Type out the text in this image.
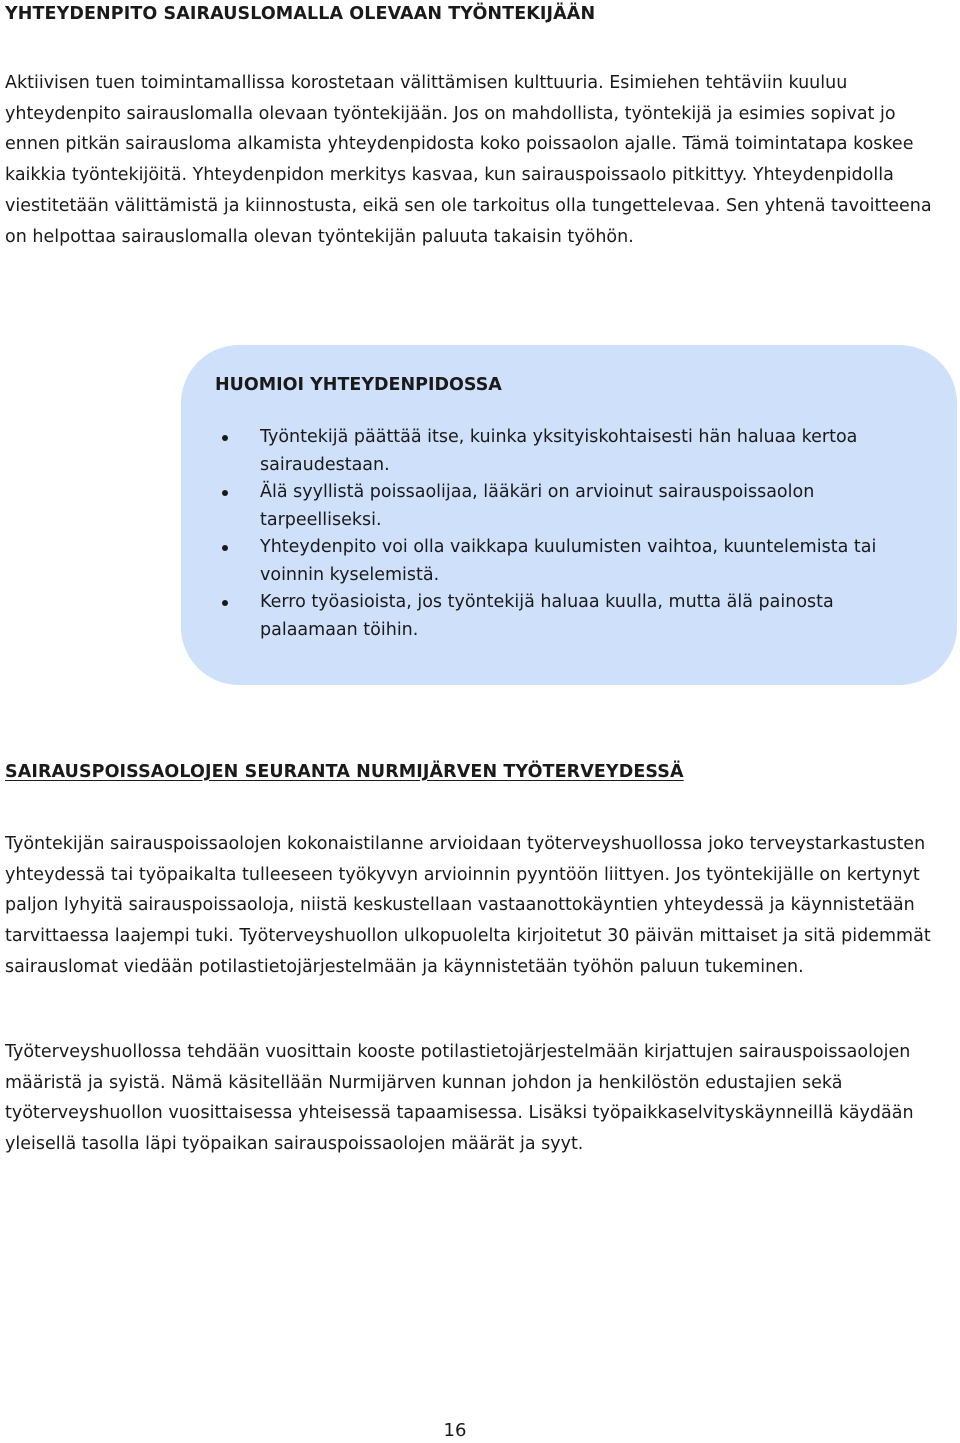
YHTEYDENPITO SAIRAUSLOMALLA OLEVAAN TYÖNTEKIJÄÄN

Aktiivisen tuen toimintamallissa korostetaan välittämisen kulttuuria. Esimiehen tehtäviin kuuluu yhteydenpito sairauslomalla olevaan työntekijään. Jos on mahdollista, työntekijä ja esimies sopivat jo ennen pitkän sairausloma alkamista yhteydenpidosta koko poissaolon ajalle. Tämä toimintatapa koskee kaikkia työntekijöitä. Yhteydenpidon merkitys kasvaa, kun sairauspoissaolo pitkittyy. Yhteydenpidolla viestitetään välittämistä ja kiinnostusta, eikä sen ole tarkoitus olla tungettelevaa. Sen yhtenä tavoitteena on helpottaa sairauslomalla olevan työntekijän paluuta takaisin työhön.

HUOMIOI YHTEYDENPIDOSSA
Työntekijä päättää itse, kuinka yksityiskohtaisesti hän haluaa kertoa sairaudestaan.
Älä syyllistä poissaolijaa, lääkäri on arvioinut sairauspoissaolon tarpeelliseksi.
Yhteydenpito voi olla vaikkapa kuulumisten vaihtoa, kuuntelemista tai voinnin kyselemistä.
Kerro työasioista, jos työntekijä haluaa kuulla, mutta älä painosta palaamaan töihin.
SAIRAUSPOISSAOLOJEN SEURANTA NURMIJÄRVEN TYÖTERVEYDESSÄ

Työntekijän sairauspoissaolojen kokonaistilanne arvioidaan työterveyshuollossa joko terveystarkastusten yhteydessä tai työpaikalta tulleeseen työkyvyn arvioinnin pyyntöön liittyen. Jos työntekijälle on kertynyt paljon lyhyitä sairauspoissaoloja, niistä keskustellaan vastaanottokäyntien yhteydessä ja käynnistetään tarvittaessa laajempi tuki. Työterveyshuollon ulkopuolelta kirjoitetut 30 päivän mittaiset ja sitä pidemmät sairauslomat viedään potilastietojärjestelmään ja käynnistetään työhön paluun tukeminen.

Työterveyshuollossa tehdään vuosittain kooste potilastietojärjestelmään kirjattujen sairauspoissaolojen määristä ja syistä. Nämä käsitellään Nurmijärven kunnan johdon ja henkilöstön edustajien sekä työterveyshuollon vuosittaisessa yhteisessä tapaamisessa. Lisäksi työpaikkaselvityskäynneillä käydään yleisellä tasolla läpi työpaikan sairauspoissaolojen määrät ja syyt.

16
